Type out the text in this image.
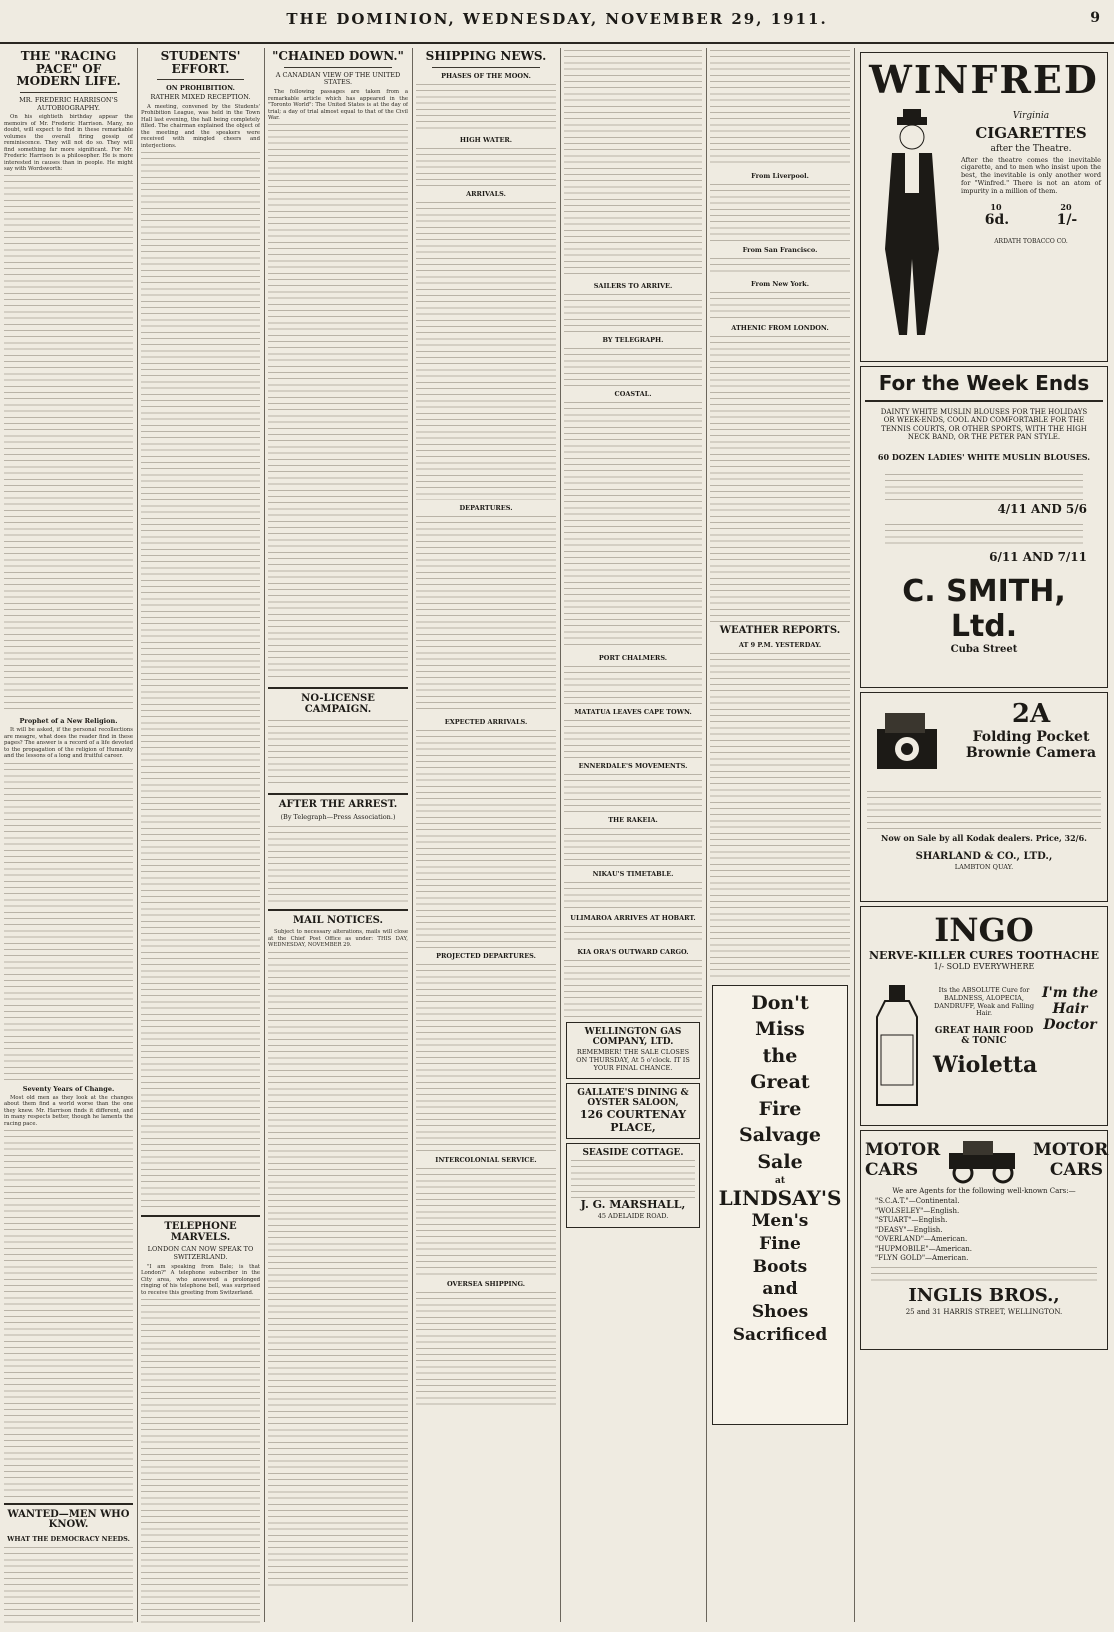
THE DOMINION, WEDNESDAY, NOVEMBER 29, 1911.	9
THE "RACING PACE" OF MODERN LIFE.
MR. FREDERIC HARRISON'S AUTOBIOGRAPHY.

On his eightieth birthday appear the memoirs of Mr. Frederic Harrison. Many, no doubt, will expect to find in these remarkable volumes the overall firing gossip of reminiscence. They will not do so. They will find something far more significant. For Mr. Frederic Harrison is a philosopher. He is more interested in causes than in people. He might say with Wordsworth:

Prophet of a New Religion.

It will be asked, if the personal recollections are meagre, what does the reader find in these pages? The answer is a record of a life devoted to the propagation of the religion of Humanity and the lessons of a long and fruitful career.

Seventy Years of Change.

Most old men as they look at the changes about them find a world worse than the one they knew. Mr. Harrison finds it different, and in many respects better, though he laments the racing pace.

WANTED—MEN WHO KNOW.
WHAT THE DEMOCRACY NEEDS.
STUDENTS' EFFORT.
ON PROHIBITION.
RATHER MIXED RECEPTION.

A meeting, convened by the Students' Prohibition League, was held in the Town Hall last evening, the hall being completely filled. The chairman explained the object of the meeting and the speakers were received with mingled cheers and interjections.

TELEPHONE MARVELS.
LONDON CAN NOW SPEAK TO SWITZERLAND.

"I am speaking from Bale; is that London?" A telephone subscriber in the City area, who answered a prolonged ringing of his telephone bell, was surprised to receive this greeting from Switzerland.

"CHAINED DOWN."
A CANADIAN VIEW OF THE UNITED STATES.

The following passages are taken from a remarkable article which has appeared in the "Toronto World": The United States is at the day of trial; a day of trial almost equal to that of the Civil War.

NO-LICENSE CAMPAIGN.
AFTER THE ARREST.
(By Telegraph—Press Association.)
MAIL NOTICES.

Subject to necessary alterations, mails will close at the Chief Post Office as under: THIS DAY, WEDNESDAY, NOVEMBER 29.

SHIPPING NEWS.
PHASES OF THE MOON.
HIGH WATER.
ARRIVALS.
DEPARTURES.
EXPECTED ARRIVALS.
PROJECTED DEPARTURES.
INTERCOLONIAL SERVICE.
OVERSEA SHIPPING.
SAILERS TO ARRIVE.
BY TELEGRAPH.
COASTAL.
PORT CHALMERS.
MATATUA LEAVES CAPE TOWN.
ENNERDALE'S MOVEMENTS.
THE RAKEIA.
NIKAU'S TIMETABLE.
ULIMAROA ARRIVES AT HOBART.
KIA ORA'S OUTWARD CARGO.
WELLINGTON GAS COMPANY, LTD.
REMEMBER! THE SALE CLOSES ON THURSDAY, At 5 o'clock. IT IS YOUR FINAL CHANCE.
GALLATE'S DINING & OYSTER SALOON,
126 COURTENAY PLACE,
SEASIDE COTTAGE.
J. G. MARSHALL,
45 ADELAIDE ROAD.
From Liverpool.
From San Francisco.
From New York.
ATHENIC FROM LONDON.
WEATHER REPORTS.
AT 9 P.M. YESTERDAY.
Don't
Miss
the
Great
Fire
Salvage
Sale
at
LINDSAY'S
Men's
Fine
Boots
and
Shoes
Sacrificed
WINFRED
Virginia
CIGARETTES
after the Theatre.
After the theatre comes the inevitable cigarette, and to men who insist upon the best, the inevitable is only another word for "Winfred." There is not an atom of impurity in a million of them.
10	20
6d.	1/-
ARDATH TOBACCO CO.
For the Week Ends
DAINTY WHITE MUSLIN BLOUSES FOR THE HOLIDAYS OR WEEK-ENDS, COOL AND COMFORTABLE FOR THE TENNIS COURTS, OR OTHER SPORTS, WITH THE HIGH NECK BAND, OR THE PETER PAN STYLE.
60 DOZEN LADIES' WHITE MUSLIN BLOUSES.
4/11 AND 5/6
6/11 AND 7/11
C. SMITH, Ltd.
Cuba Street
2A
Folding Pocket Brownie Camera
Now on Sale by all Kodak dealers. Price, 32/6.
SHARLAND & CO., LTD.,
LAMBTON QUAY.
INGO
NERVE-KILLER CURES TOOTHACHE
1/- SOLD EVERYWHERE
Its the ABSOLUTE Cure for BALDNESS, ALOPECIA, DANDRUFF, Weak and Falling Hair.
GREAT HAIR FOOD & TONIC
Wioletta
I'm the Hair Doctor
MOTOR CARS
MOTOR CARS
We are Agents for the following well-known Cars:—
"S.C.A.T."—Continental.
"WOLSELEY"—English.
"STUART"—English.
"DEASY"—English.
"OVERLAND"—American.
"HUPMOBILE"—American.
"FLYN GOLD"—American.
INGLIS BROS.,
25 and 31 HARRIS STREET, WELLINGTON.
